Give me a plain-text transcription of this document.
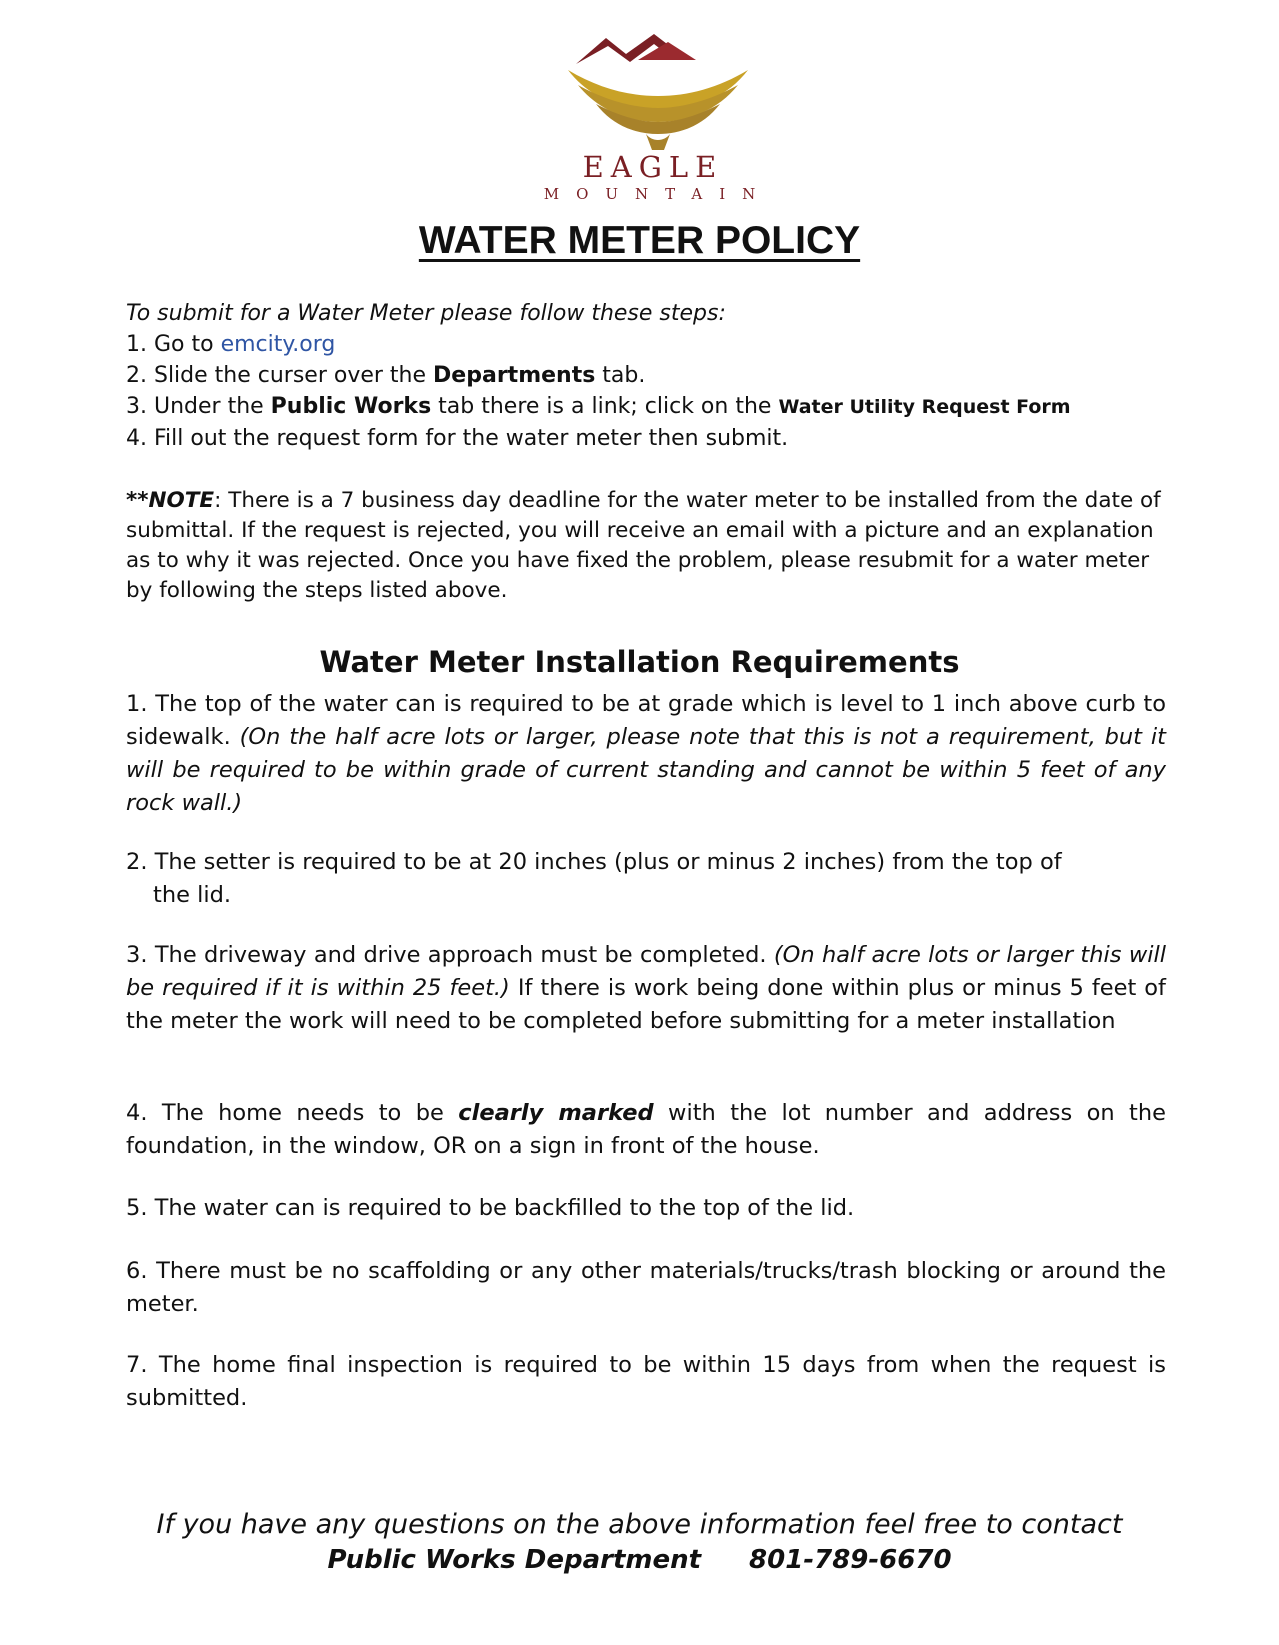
EAGLE
MOUNTAIN
WATER METER POLICY
To submit for a Water Meter please follow these steps:
1. Go to emcity.org
2. Slide the curser over the Departments tab.
3. Under the Public Works tab there is a link; click on the Water Utility Request Form
4. Fill out the request form for the water meter then submit.
**NOTE: There is a 7 business day deadline for the water meter to be installed from the date of submittal. If the request is rejected, you will receive an email with a picture and an explanation as to why it was rejected. Once you have fixed the problem, please resubmit for a water meter by following the steps listed above.
Water Meter Installation Requirements
1. The top of the water can is required to be at grade which is level to 1 inch above curb to sidewalk. (On the half acre lots or larger, please note that this is not a requirement, but it will be required to be within grade of current standing and cannot be within 5 feet of any rock wall.)
2. The setter is required to be at 20 inches (plus or minus 2 inches) from the top of
the lid.
3. The driveway and drive approach must be completed. (On half acre lots or larger this will be required if it is within 25 feet.) If there is work being done within plus or minus 5 feet of the meter the work will need to be completed before submitting for a meter installation
4. The home needs to be clearly marked with the lot number and address on the foundation, in the window, OR on a sign in front of the house.
5. The water can is required to be backfilled to the top of the lid.
6. There must be no scaffolding or any other materials/trucks/trash blocking or around the meter.
7. The home final inspection is required to be within 15 days from when the request is submitted.
If you have any questions on the above information feel free to contact
Public Works Department 801-789-6670
